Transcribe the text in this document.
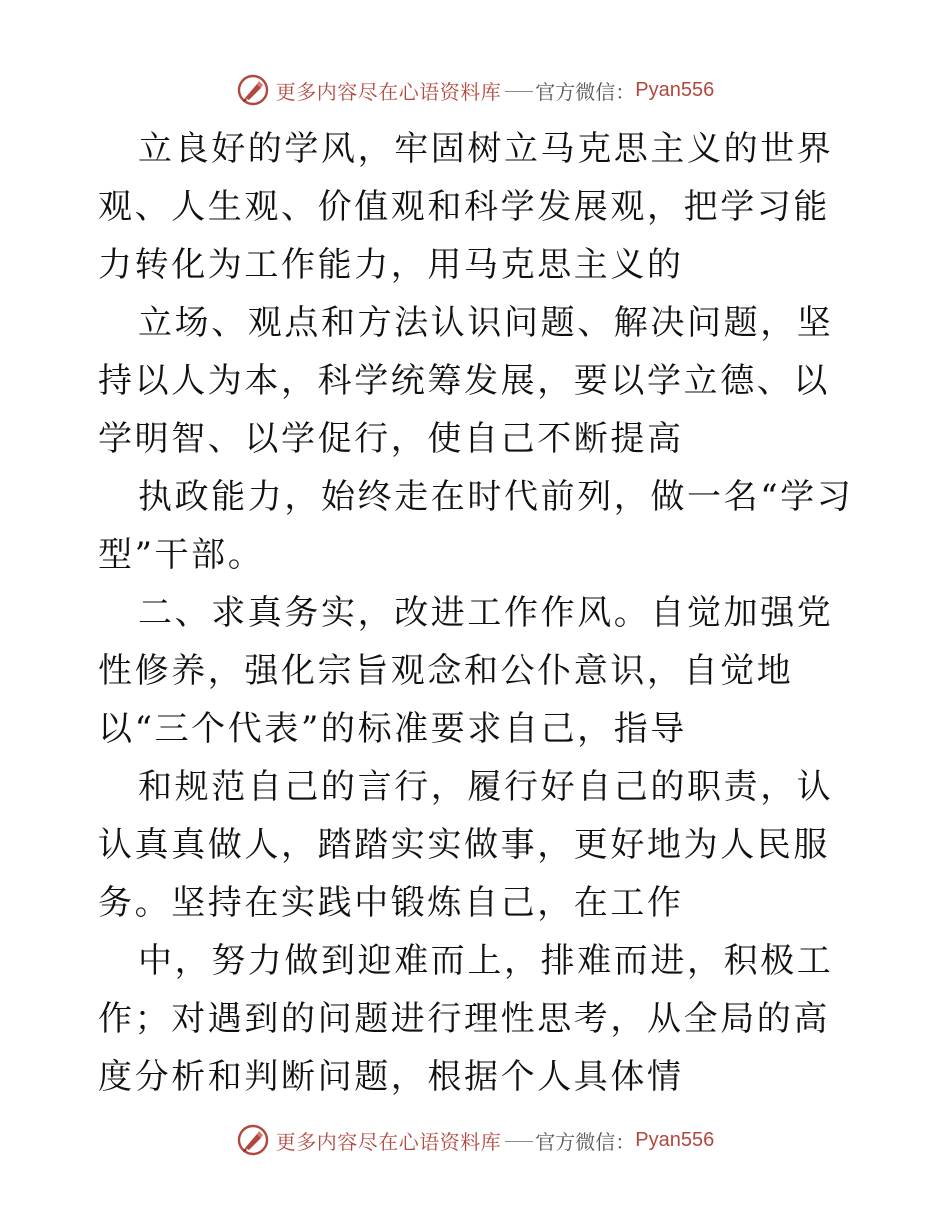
更多内容尽在心语资料库 官方微信： Pyan556

立良好的学风，牢固树立马克思主义的世界观、人生观、价值观和科学发展观，把学习能力转化为工作能力，用马克思主义的

立场、观点和方法认识问题、解决问题，坚持以人为本，科学统筹发展，要以学立德、以学明智、以学促行，使自己不断提高

执政能力，始终走在时代前列，做一名“学习型”干部。

二、求真务实，改进工作作风。自觉加强党性修养，强化宗旨观念和公仆意识，自觉地以“三个代表”的标准要求自己，指导

和规范自己的言行，履行好自己的职责，认认真真做人，踏踏实实做事，更好地为人民服务。坚持在实践中锻炼自己，在工作

中，努力做到迎难而上，排难而进，积极工作；对遇到的问题进行理性思考，从全局的高度分析和判断问题，根据个人具体情

更多内容尽在心语资料库 官方微信： Pyan556
